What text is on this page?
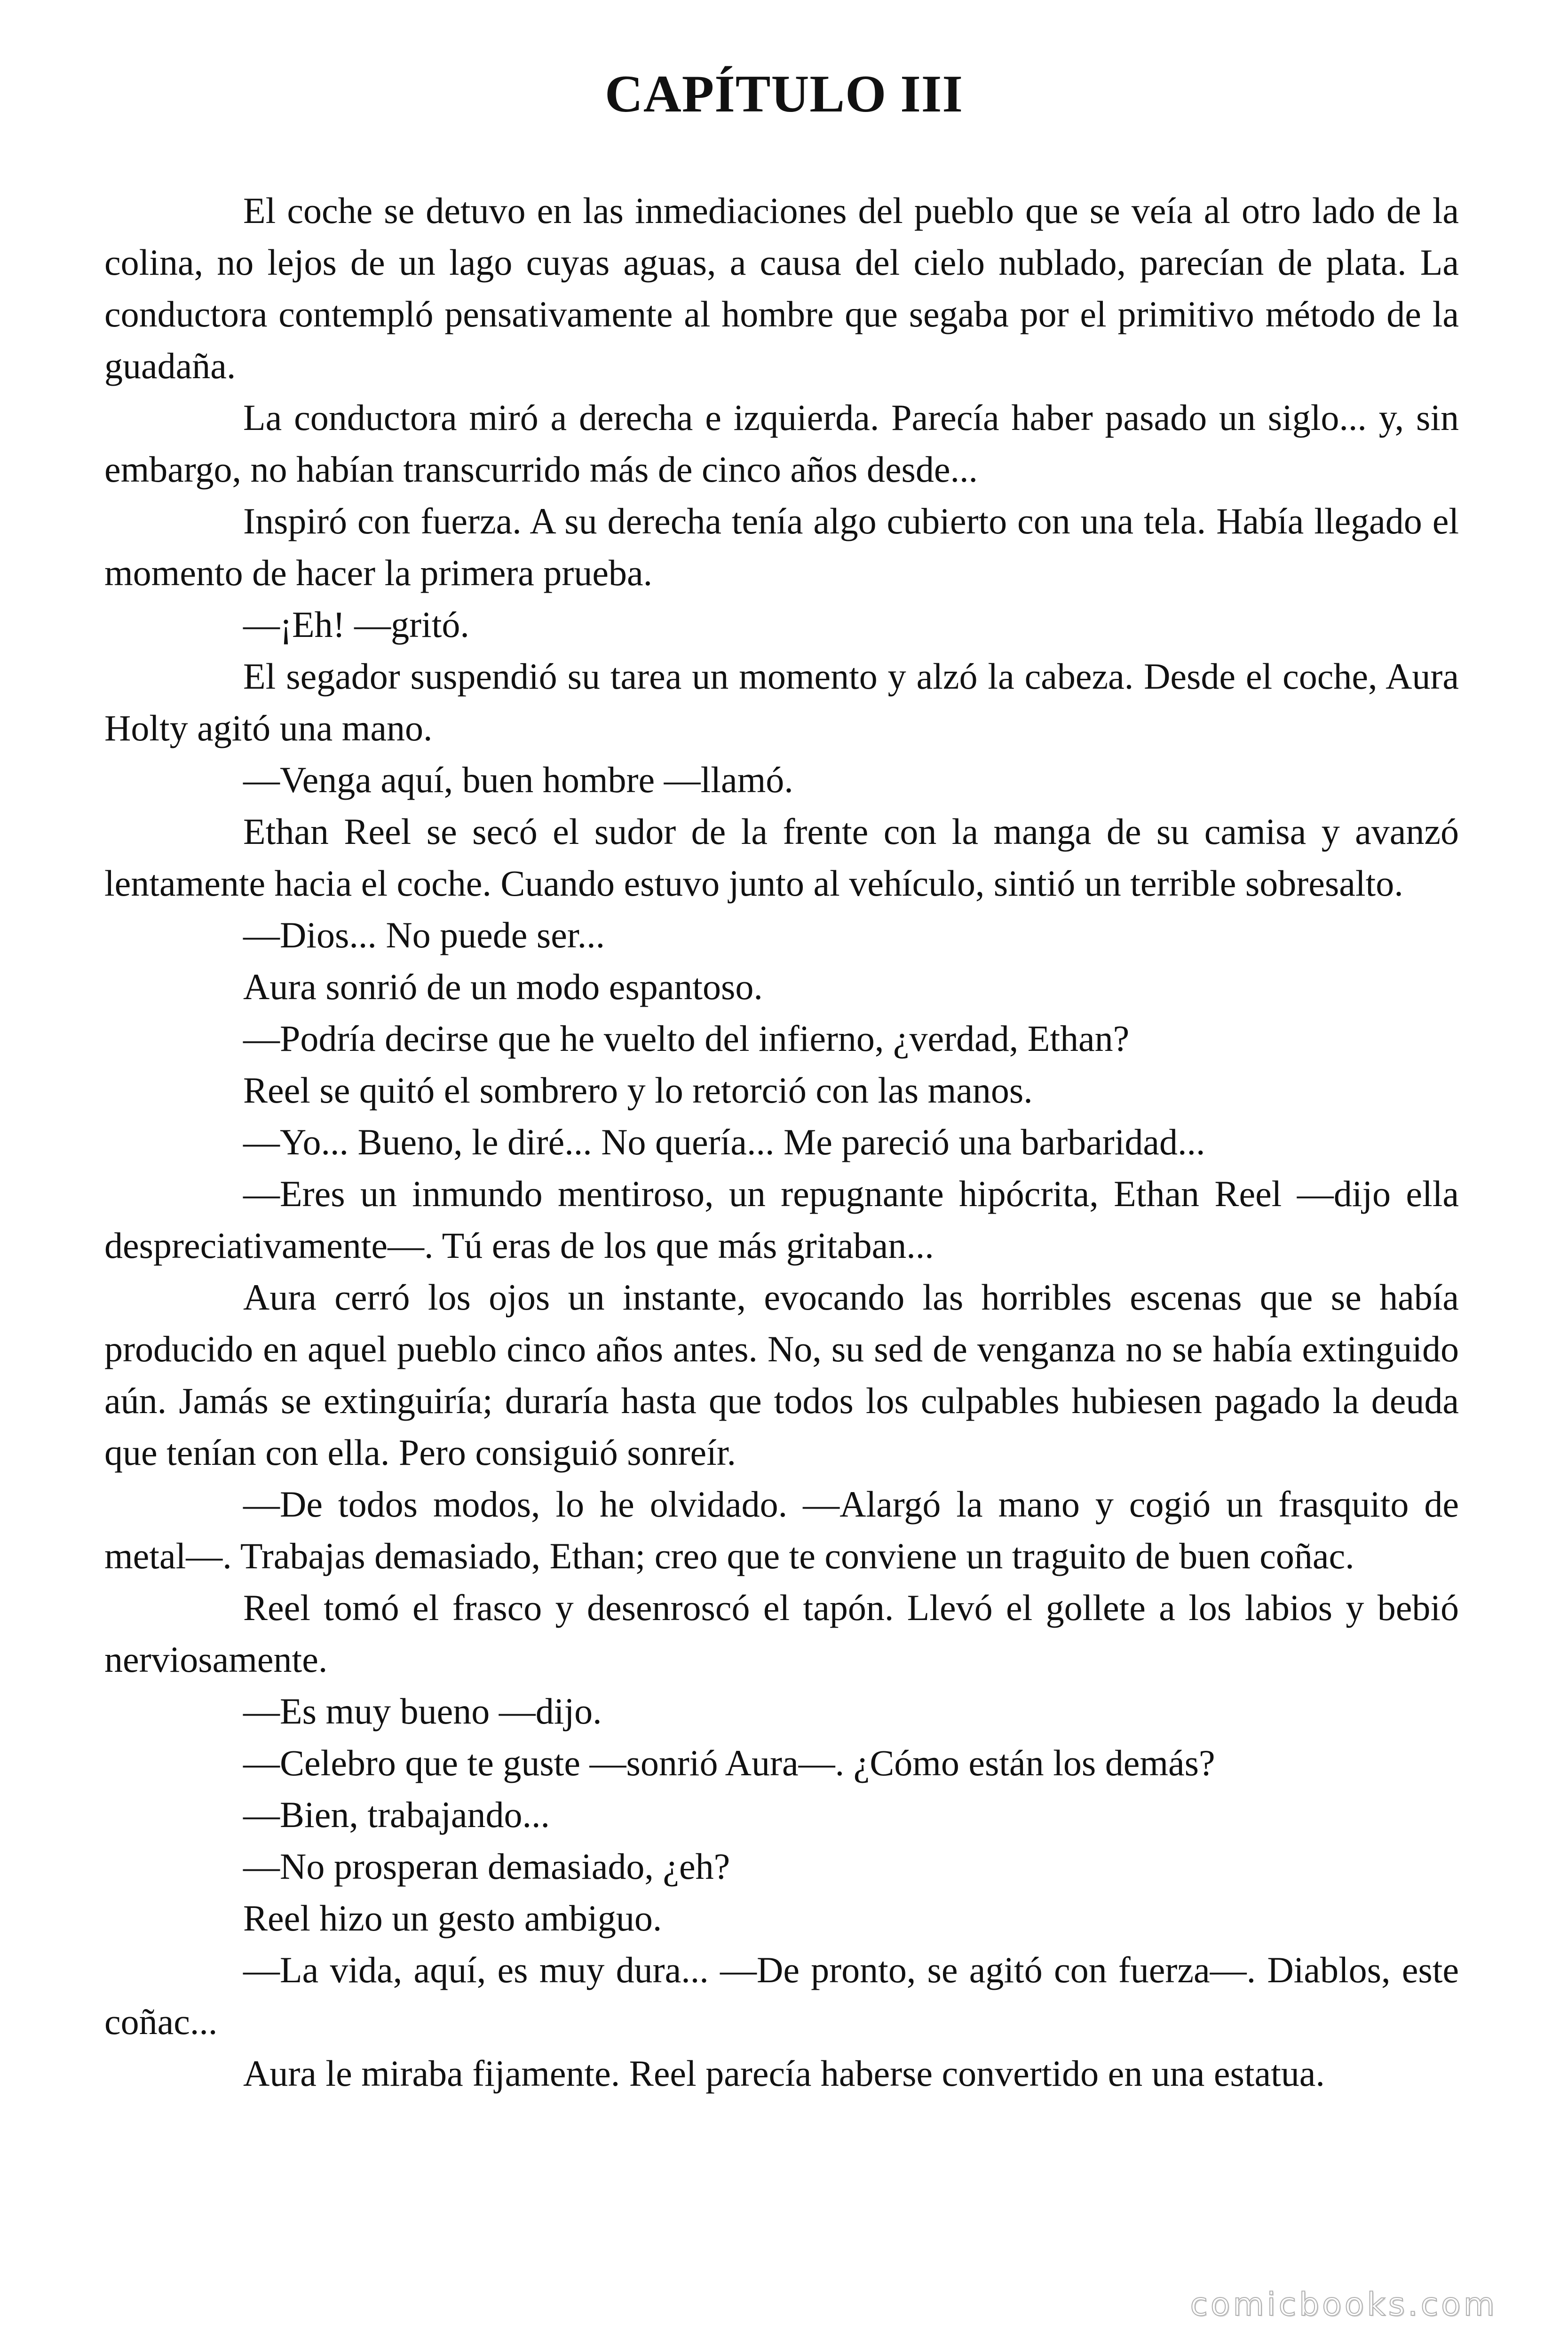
CAPÍTULO III

El coche se detuvo en las inmediaciones del pueblo que se veía al otro lado de la colina, no lejos de un lago cuyas aguas, a causa del cielo nublado, parecían de plata. La conductora contempló pensativamente al hombre que segaba por el primitivo método de la guadaña.

La conductora miró a derecha e izquierda. Parecía haber pasado un siglo... y, sin embargo, no habían transcurrido más de cinco años desde...

Inspiró con fuerza. A su derecha tenía algo cubierto con una tela. Había llegado el momento de hacer la primera prueba.

—¡Eh! —gritó.

El segador suspendió su tarea un momento y alzó la cabeza. Desde el coche, Aura Holty agitó una mano.

—Venga aquí, buen hombre —llamó.

Ethan Reel se secó el sudor de la frente con la manga de su camisa y avanzó lentamente hacia el coche. Cuando estuvo junto al vehículo, sintió un terrible sobresalto.

—Dios... No puede ser...

Aura sonrió de un modo espantoso.

—Podría decirse que he vuelto del infierno, ¿verdad, Ethan?

Reel se quitó el sombrero y lo retorció con las manos.

—Yo... Bueno, le diré... No quería... Me pareció una barbaridad...

—Eres un inmundo mentiroso, un repugnante hipócrita, Ethan Reel —dijo ella despreciativamente—. Tú eras de los que más gritaban...

Aura cerró los ojos un instante, evocando las horribles escenas que se había producido en aquel pueblo cinco años antes. No, su sed de venganza no se había extinguido aún. Jamás se extinguiría; duraría hasta que todos los culpables hubiesen pagado la deuda que tenían con ella. Pero consiguió sonreír.

—De todos modos, lo he olvidado. —Alargó la mano y cogió un frasquito de metal—. Trabajas demasiado, Ethan; creo que te conviene un traguito de buen coñac.

Reel tomó el frasco y desenroscó el tapón. Llevó el gollete a los labios y bebió nerviosamente.

—Es muy bueno —dijo.

—Celebro que te guste —sonrió Aura—. ¿Cómo están los demás?

—Bien, trabajando...

—No prosperan demasiado, ¿eh?

Reel hizo un gesto ambiguo.

—La vida, aquí, es muy dura... —De pronto, se agitó con fuerza—. Diablos, este coñac...

Aura le miraba fijamente. Reel parecía haberse convertido en una estatua.

comicbooks.com
